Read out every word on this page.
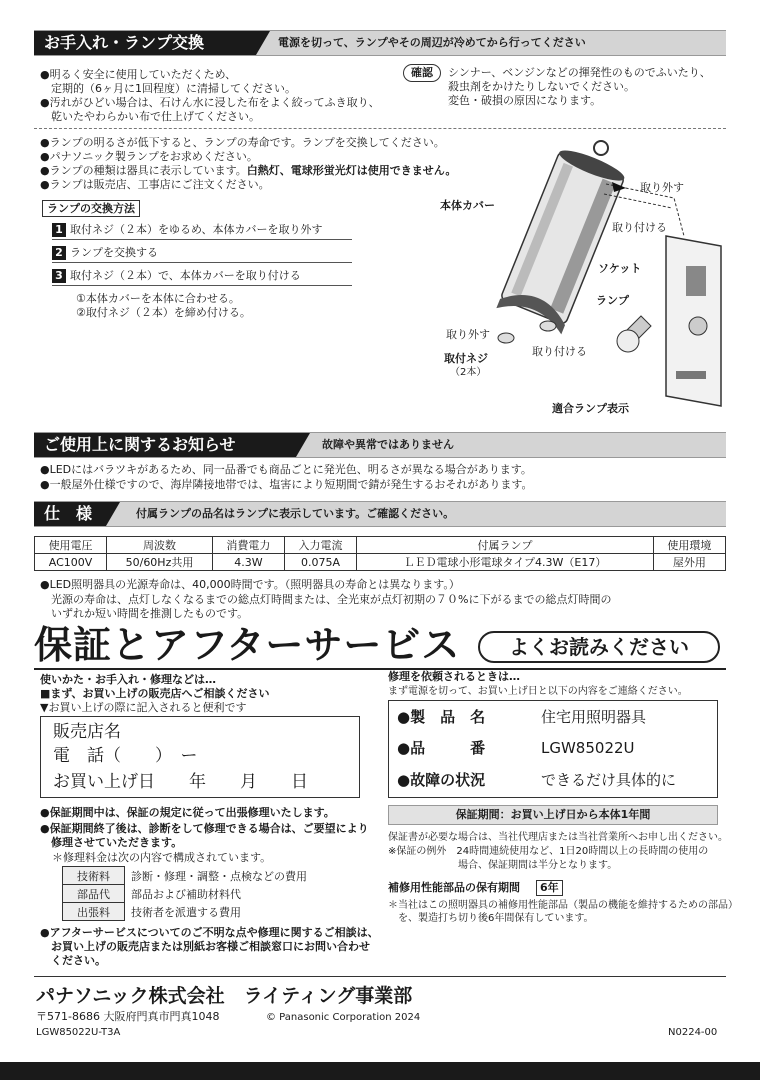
お手入れ・ランプ交換	電源を切って、ランプやその周辺が冷めてから行ってください
●明るく安全に使用していただくため、
　定期的（6ヶ月に1回程度）に清掃してください。
●汚れがひどい場合は、石けん水に浸した布をよく絞ってふき取り、
　乾いたやわらかい布で仕上げてください。
確認	シンナー、ベンジンなどの揮発性のものでふいたり、
殺虫剤をかけたりしないでください。
変色・破損の原因になります。
●ランプの明るさが低下すると、ランプの寿命です。ランプを交換してください。
●パナソニック製ランプをお求めください。
●ランプの種類は器具に表示しています。白熱灯、電球形蛍光灯は使用できません。
●ランプは販売店、工事店にご注文ください。
ランプの交換方法
1 取付ネジ（２本）をゆるめ、本体カバーを取り外す
2 ランプを交換する
3 取付ネジ（２本）で、本体カバーを取り付ける
①本体カバーを本体に合わせる。
②取付ネジ（２本）を締め付ける。
取り外す
取り付ける
本体カバー
ソケット
ランプ
取り外す
取り付ける
取付ネジ
（2本）
適合ランプ表示
ご使用上に関するお知らせ	故障や異常ではありません
●LEDにはバラツキがあるため、同一品番でも商品ごとに発光色、明るさが異なる場合があります。
●一般屋外仕様ですので、海岸隣接地帯では、塩害により短期間で錆が発生するおそれがあります。
仕　様	付属ランプの品名はランプに表示しています。ご確認ください。
使用電圧	周波数	消費電力	入力電流	付属ランプ	使用環境
AC100V	50/60Hz共用	4.3W	0.075A	ＬＥＤ電球小形電球タイプ4.3W（E17）	屋外用
●LED照明器具の光源寿命は、40,000時間です。（照明器具の寿命とは異なります。）
　光源の寿命は、点灯しなくなるまでの総点灯時間または、全光束が点灯初期の７０%に下がるまでの総点灯時間の
　いずれか短い時間を推測したものです。
保証とアフターサービス	よくお読みください
使いかた・お手入れ・修理などは…
■まず、お買い上げの販売店へご相談ください
▼お買い上げの際に記入されると便利です
販売店名
電　話（　　）　ー
お買い上げ日　　年　　月　　日
●保証期間中は、保証の規定に従って出張修理いたします。
●保証期間終了後は、診断をして修理できる場合は、ご要望により
　修理させていただきます。
＊修理料金は次の内容で構成されています。
技術料	診断・修理・調整・点検などの費用
部品代	部品および補助材料代
出張料	技術者を派遣する費用
●アフターサービスについてのご不明な点や修理に関するご相談は、
　お買い上げの販売店または別紙お客様ご相談窓口にお問い合わせ
　ください。
修理を依頼されるときは…
まず電源を切って、お買い上げ日と以下の内容をご連絡ください。
●製　品　名	住宅用照明器具
●品　　　番	LGW85022U
●故障の状況	できるだけ具体的に
保証期間：お買い上げ日から本体1年間
保証書が必要な場合は、当社代理店または当社営業所へお申し出ください。
※保証の例外　24時間連続使用など、1日20時間以上の長時間の使用の
　　　　　　　場合、保証期間は半分となります。
補修用性能部品の保有期間	6年
＊当社はこの照明器具の補修用性能部品（製品の機能を維持するための部品）
　を、製造打ち切り後6年間保有しています。
パナソニック株式会社　ライティング事業部
〒571-8686 大阪府門真市門真1048	© Panasonic Corporation 2024
LGW85022U-T3A	N0224-00
